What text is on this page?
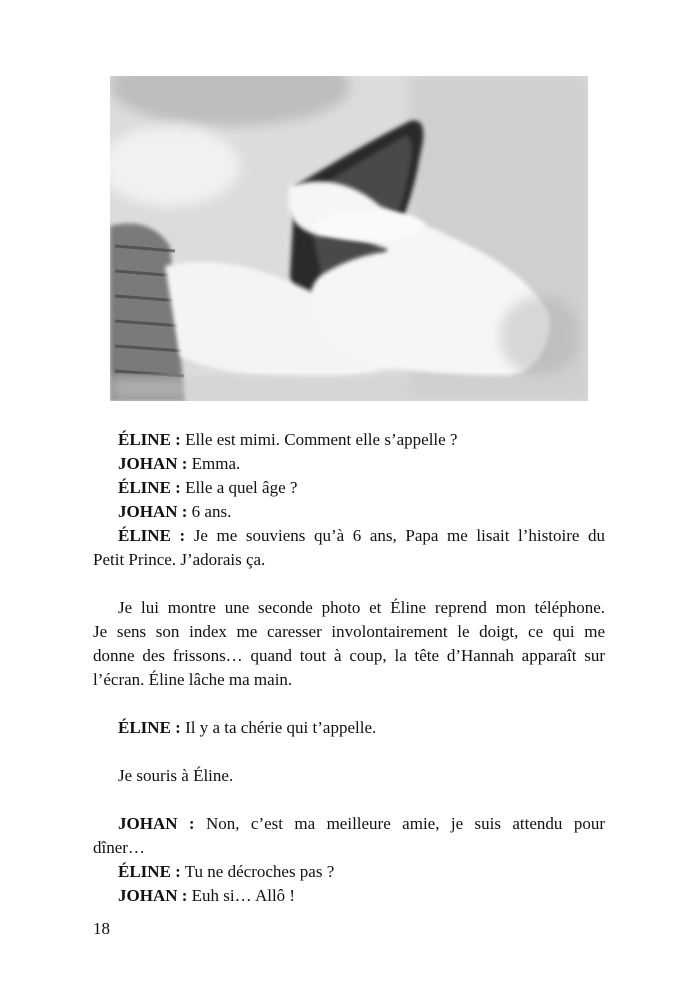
ÉLINE : Elle est mimi. Comment elle s’appelle ?

JOHAN : Emma.

ÉLINE : Elle a quel âge ?

JOHAN : 6 ans.

ÉLINE : Je me souviens qu’à 6 ans, Papa me lisait l’histoire du

Petit Prince. J’adorais ça.

Je lui montre une seconde photo et Éline reprend mon téléphone.

Je sens son index me caresser involontairement le doigt, ce qui me

donne des frissons… quand tout à coup, la tête d’Hannah apparaît sur

l’écran. Éline lâche ma main.

ÉLINE : Il y a ta chérie qui t’appelle.

Je souris à Éline.

JOHAN : Non, c’est ma meilleure amie, je suis attendu pour

dîner…

ÉLINE : Tu ne décroches pas ?

JOHAN : Euh si… Allô !

18
